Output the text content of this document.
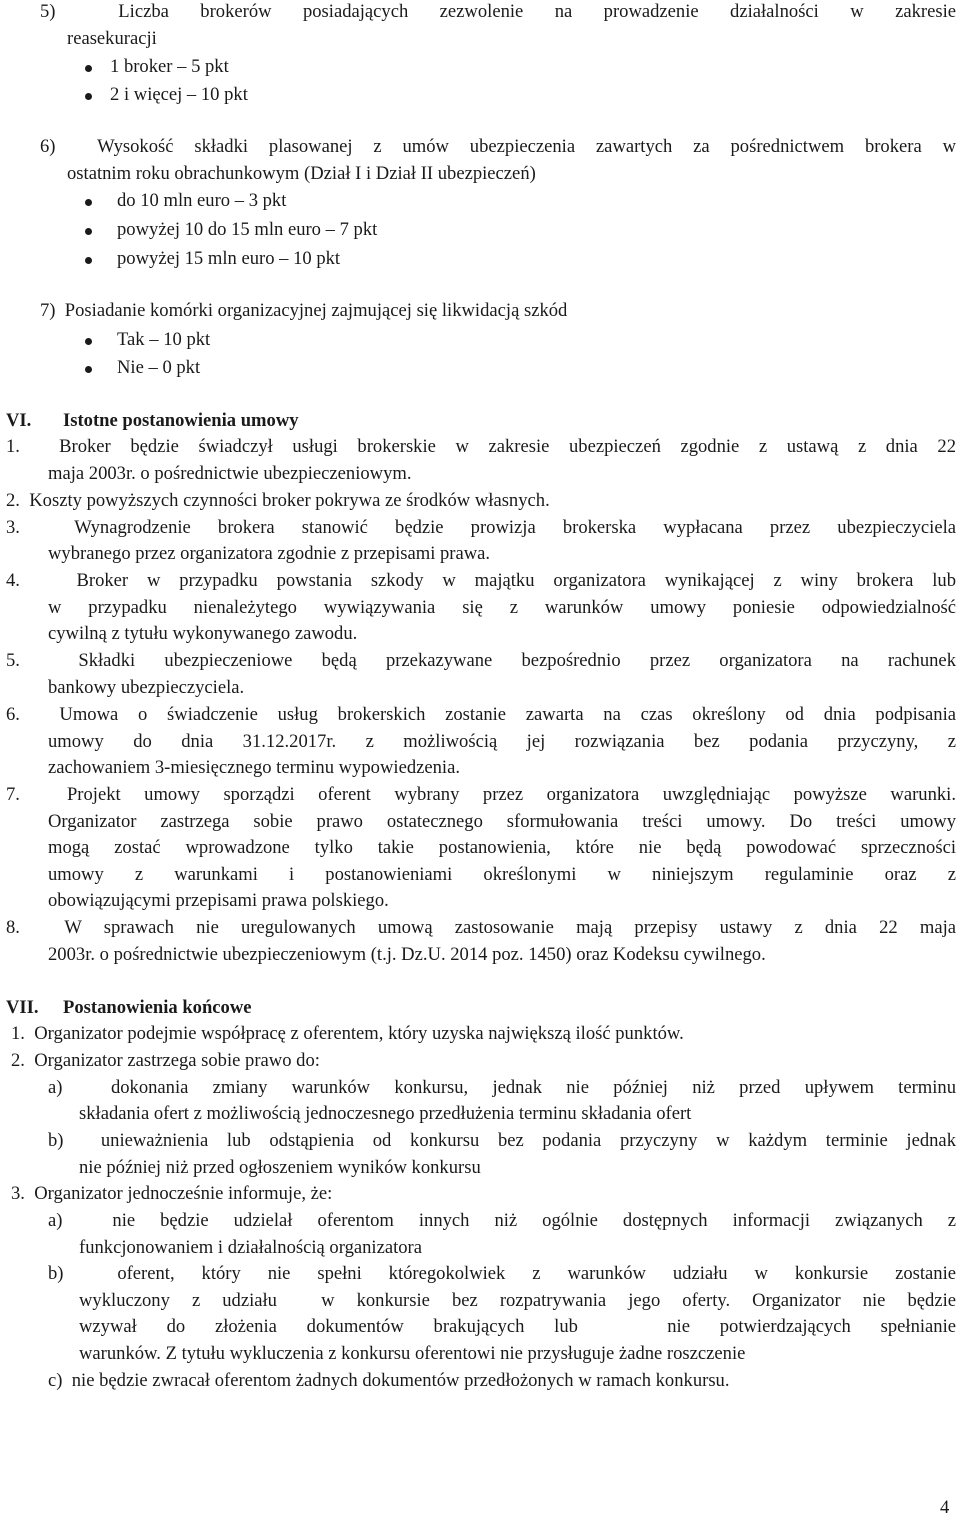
5)  Liczba brokerów posiadających zezwolenie na prowadzenie działalności w zakresie
reasekuracji
1 broker – 5 pkt
2 i więcej – 10 pkt
6)  Wysokość składki plasowanej z umów ubezpieczenia zawartych za pośrednictwem brokera w
ostatnim roku obrachunkowym (Dział I i Dział II ubezpieczeń)
do 10 mln euro – 3 pkt
powyżej 10 do 15 mln euro – 7 pkt
powyżej 15 mln euro – 10 pkt
7)  Posiadanie komórki organizacyjnej zajmującej się likwidacją szkód
Tak – 10 pkt
Nie – 0 pkt
VI. Istotne postanowienia umowy
1.  Broker będzie świadczył usługi brokerskie w zakresie ubezpieczeń zgodnie z ustawą z dnia 22
maja 2003r. o pośrednictwie ubezpieczeniowym.
2.  Koszty powyższych czynności broker pokrywa ze środków własnych.
3.  Wynagrodzenie brokera stanowić będzie prowizja brokerska wypłacana przez ubezpieczyciela
wybranego przez organizatora zgodnie z przepisami prawa.
4.   Broker w przypadku powstania szkody w majątku organizatora wynikającej z winy brokera lub
w przypadku nienależytego wywiązywania się z warunków umowy poniesie odpowiedzialność
cywilną z tytułu wykonywanego zawodu.
5.  Składki ubezpieczeniowe będą przekazywane bezpośrednio przez organizatora na rachunek
bankowy ubezpieczyciela.
6.  Umowa o świadczenie usług brokerskich zostanie zawarta na czas określony od dnia podpisania
umowy do dnia 31.12.2017r. z możliwością jej rozwiązania bez podania przyczyny, z
zachowaniem 3-miesięcznego terminu wypowiedzenia.
7.  Projekt umowy sporządzi oferent wybrany przez organizatora uwzględniając powyższe warunki.
Organizator zastrzega sobie prawo ostatecznego sformułowania treści umowy. Do treści umowy
mogą zostać wprowadzone tylko takie postanowienia, które nie będą powodować sprzeczności
umowy z warunkami i postanowieniami określonymi w niniejszym regulaminie oraz z
obowiązującymi przepisami prawa polskiego.
8.  W sprawach nie uregulowanych umową zastosowanie mają przepisy ustawy z dnia 22 maja
2003r. o pośrednictwie ubezpieczeniowym (t.j. Dz.U. 2014 poz. 1450) oraz Kodeksu cywilnego.
VII. Postanowienia końcowe
1.  Organizator podejmie współpracę z oferentem, który uzyska największą ilość punktów.
2.  Organizator zastrzega sobie prawo do:
a)  dokonania zmiany warunków konkursu, jednak nie później niż przed upływem terminu
składania ofert z możliwością jednoczesnego przedłużenia terminu składania ofert
b)  unieważnienia lub odstąpienia od konkursu bez podania przyczyny w każdym terminie jednak
nie później niż przed ogłoszeniem wyników konkursu
3.  Organizator jednocześnie informuje, że:
a)  nie będzie udzielał oferentom innych niż ogólnie dostępnych informacji związanych z
funkcjonowaniem i działalnością organizatora
b)  oferent, który nie spełni któregokolwiek z warunków udziału w konkursie zostanie
wykluczony z udziału  w konkursie bez rozpatrywania jego oferty. Organizator nie będzie
wzywał do złożenia dokumentów brakujących lub   nie potwierdzających spełnianie
warunków. Z tytułu wykluczenia z konkursu oferentowi nie przysługuje żadne roszczenie
c)  nie będzie zwracał oferentom żadnych dokumentów przedłożonych w ramach konkursu.
4
